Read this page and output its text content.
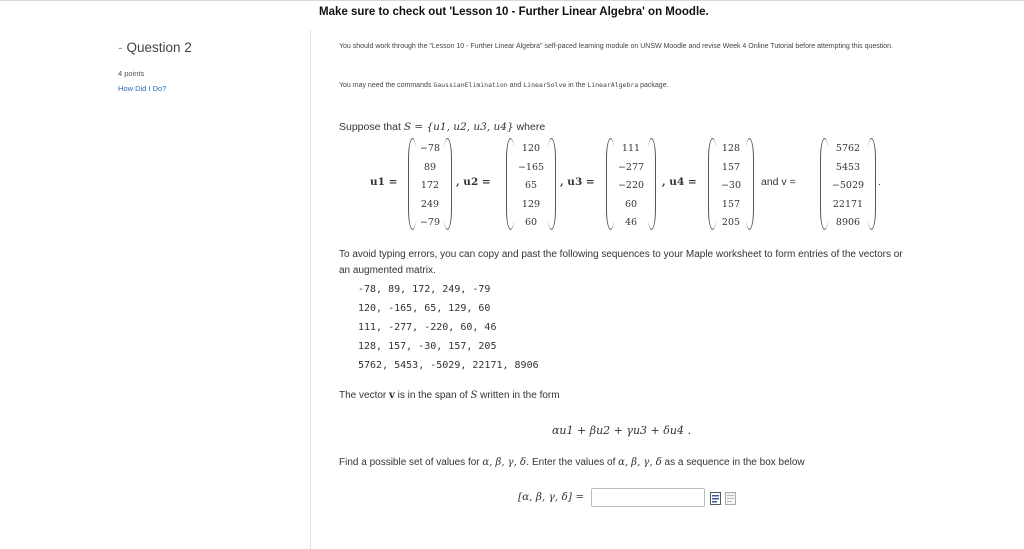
Make sure to check out 'Lesson 10 - Further Linear Algebra' on Moodle.
- Question 2
4 points
How Did I Do?
You should work through the "Lesson 10 - Further Linear Algebra" self-paced learning module on UNSW Moodle and revise Week 4 Online Tutorial before attempting this question.
You may need the commands GaussianElimination and LinearSolve in the LinearAlgebra package.
Suppose that S = {u1, u2, u3, u4} where
u1 =
−78
89
172
249
−79
, u2 =
120
−165
65
129
60
, u3 =
111
−277
−220
60
46
, u4 =
128
157
−30
157
205
and v =
5762
5453
−5029
22171
8906
.
To avoid typing errors, you can copy and past the following sequences to your Maple worksheet to form entries of the vectors or an augmented matrix.
-78, 89, 172, 249, -79
120, -165, 65, 129, 60
111, -277, -220, 60, 46
128, 157, -30, 157, 205
5762, 5453, -5029, 22171, 8906
The vector v is in the span of S written in the form
αu1 + βu2 + γu3 + δu4 .
Find a possible set of values for α, β, γ, δ. Enter the values of α, β, γ, δ as a sequence in the box below
[α, β, γ, δ] =
